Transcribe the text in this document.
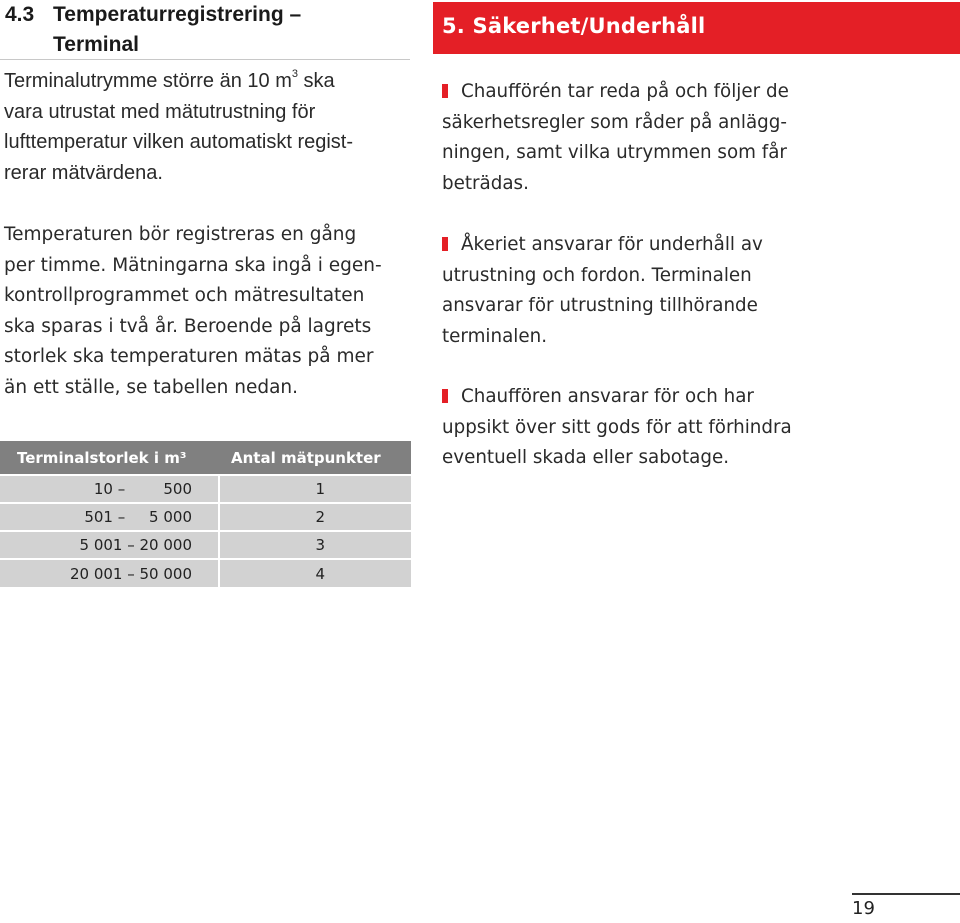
4.3 Temperaturregistrering –
Terminal
Terminalutrymme större än 10 $m^3$ ska
vara utrustat med mätutrustning för
lufttemperatur vilken automatiskt regist-
rerar mätvärdena.
Temperaturen bör registreras en gång
per timme. Mätningarna ska ingå i egen-
kontrollprogrammet och mätresultaten
ska sparas i två år. Beroende på lagrets
storlek ska temperaturen mätas på mer
än ett ställe, se tabellen nedan.
Terminalstorlek i m³	Antal mätpunkter
10 –        500	1
501 –     5 000	2
5 001 – 20 000	3
20 001 – 50 000	4
5. Säkerhet/Underhåll
Chaufförén tar reda på och följer de
säkerhetsregler som råder på anlägg-
ningen, samt vilka utrymmen som får
beträdas.
Åkeriet ansvarar för underhåll av
utrustning och fordon. Terminalen
ansvarar för utrustning tillhörande
terminalen.
Chauffören ansvarar för och har
uppsikt över sitt gods för att förhindra
eventuell skada eller sabotage.
19
